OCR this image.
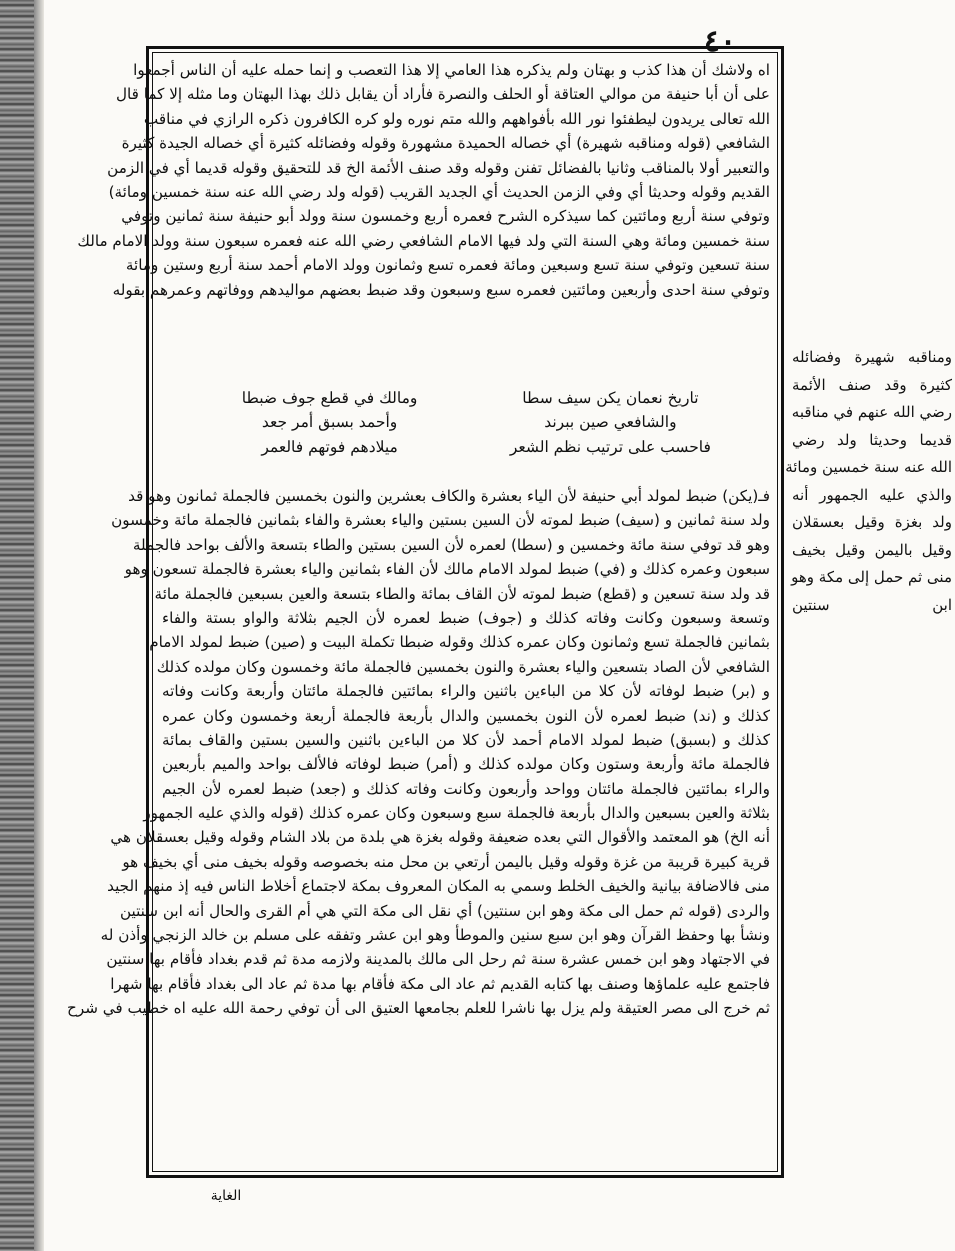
٤٠
اه ولاشك أن هذا كذب و بهتان ولم يذكره هذا العامي إلا هذا التعصب و إنما حمله عليه أن الناس أجمعوا
على أن أبا حنيفة من موالي العتاقة أو الحلف والنصرة فأراد أن يقابل ذلك بهذا البهتان وما مثله إلا كما قال
الله تعالى يريدون ليطفئوا نور الله بأفواههم والله متم نوره ولو كره الكافرون ذكره الرازي في مناقب
الشافعي (قوله ومناقبه شهيرة) أي خصاله الحميدة مشهورة وقوله وفضائله كثيرة أي خصاله الجيدة كثيرة
والتعبير أولا بالمناقب وثانيا بالفضائل تفنن وقوله وقد صنف الأئمة الخ قد للتحقيق وقوله قديما أي في الزمن
القديم وقوله وحديثا أي وفي الزمن الحديث أي الجديد القريب (قوله ولد رضي الله عنه سنة خمسين ومائة)
وتوفي سنة أربع ومائتين كما سيذكره الشرح فعمره أربع وخمسون سنة وولد أبو حنيفة سنة ثمانين وتوفي
سنة خمسين ومائة وهي السنة التي ولد فيها الامام الشافعي رضي الله عنه فعمره سبعون سنة وولد الامام مالك
سنة تسعين وتوفي سنة تسع وسبعين ومائة فعمره تسع وثمانون وولد الامام أحمد سنة أربع وستين ومائة
وتوفي سنة احدى وأربعين ومائتين فعمره سبع وسبعون وقد ضبط بعضهم مواليدهم ووفاتهم وعمرهم بقوله
تاريخ نعمان يكن سيف سطا
ومالك في قطع جوف ضبطا
والشافعي صين ببرند
وأحمد بسبق أمر جعد
فاحسب على ترتيب نظم الشعر
ميلادهم فوتهم فالعمر
فـ(يكن) ضبط لمولد أبي حنيفة لأن الياء بعشرة والكاف بعشرين والنون بخمسين فالجملة ثمانون وهو قد
ولد سنة ثمانين و (سيف) ضبط لموته لأن السين بستين والياء بعشرة والفاء بثمانين فالجملة مائة وخمسون
وهو قد توفي سنة مائة وخمسين و (سطا) لعمره لأن السين بستين والطاء بتسعة والألف بواحد فالجملة
سبعون وعمره كذلك و (في) ضبط لمولد الامام مالك لأن الفاء بثمانين والياء بعشرة فالجملة تسعون وهو
قد ولد سنة تسعين و (قطع) ضبط لموته لأن القاف بمائة والطاء بتسعة والعين بسبعين فالجملة مائة
وتسعة وسبعون وكانت وفاته كذلك و (جوف) ضبط لعمره لأن الجيم بثلاثة والواو بستة والفاء
بثمانين فالجملة تسع وثمانون وكان عمره كذلك وقوله ضبطا تكملة البيت و (صين) ضبط لمولد الامام
الشافعي لأن الصاد بتسعين والياء بعشرة والنون بخمسين فالجملة مائة وخمسون وكان مولده كذلك
و (بر) ضبط لوفاته لأن كلا من الباءين باثنين والراء بمائتين فالجملة مائتان وأربعة وكانت وفاته
كذلك و (ند) ضبط لعمره لأن النون بخمسين والدال بأربعة فالجملة أربعة وخمسون وكان عمره
كذلك و (بسبق) ضبط لمولد الامام أحمد لأن كلا من الباءين باثنين والسين بستين والقاف بمائة
فالجملة مائة وأربعة وستون وكان مولده كذلك و (أمر) ضبط لوفاته فالألف بواحد والميم بأربعين
والراء بمائتين فالجملة مائتان وواحد وأربعون وكانت وفاته كذلك و (جعد) ضبط لعمره لأن الجيم
بثلاثة والعين بسبعين والدال بأربعة فالجملة سبع وسبعون وكان عمره كذلك (قوله والذي عليه الجمهور
أنه الخ) هو المعتمد والأقوال التي بعده ضعيفة وقوله بغزة هي بلدة من بلاد الشام وقوله وقيل بعسقلان هي
قرية كبيرة قريبة من غزة وقوله وقيل باليمن أرتعي بن محل منه بخصوصه وقوله بخيف منى أي بخيف هو
منى فالاضافة بيانية والخيف الخلط وسمي به المكان المعروف بمكة لاجتماع أخلاط الناس فيه إذ منهم الجيد
والردى (قوله ثم حمل الى مكة وهو ابن سنتين) أي نقل الى مكة التي هي أم القرى والحال أنه ابن سنتين
ونشأ بها وحفظ القرآن وهو ابن سبع سنين والموطأ وهو ابن عشر وتفقه على مسلم بن خالد الزنجي وأذن له
في الاجتهاد وهو ابن خمس عشرة سنة ثم رحل الى مالك بالمدينة ولازمه مدة ثم قدم بغداد فأقام بها سنتين
فاجتمع عليه علماؤها وصنف بها كتابه القديم ثم عاد الى مكة فأقام بها مدة ثم عاد الى بغداد فأقام بها شهرا
ثم خرج الى مصر العتيقة ولم يزل بها ناشرا للعلم بجامعها العتيق الى أن توفي رحمة الله عليه اه خطيب في شرح
ومناقبه شهيرة وفضائله
كثيرة وقد صنف الأئمة
رضي الله عنهم في مناقبه
قديما وحديثا ولد رضي
الله عنه سنة خمسين ومائة
والذي عليه الجمهور أنه
ولد بغزة وقيل بعسقلان
وقيل باليمن وقيل بخيف
منى ثم حمل إلى مكة وهو
ابن سنتين
الغاية
